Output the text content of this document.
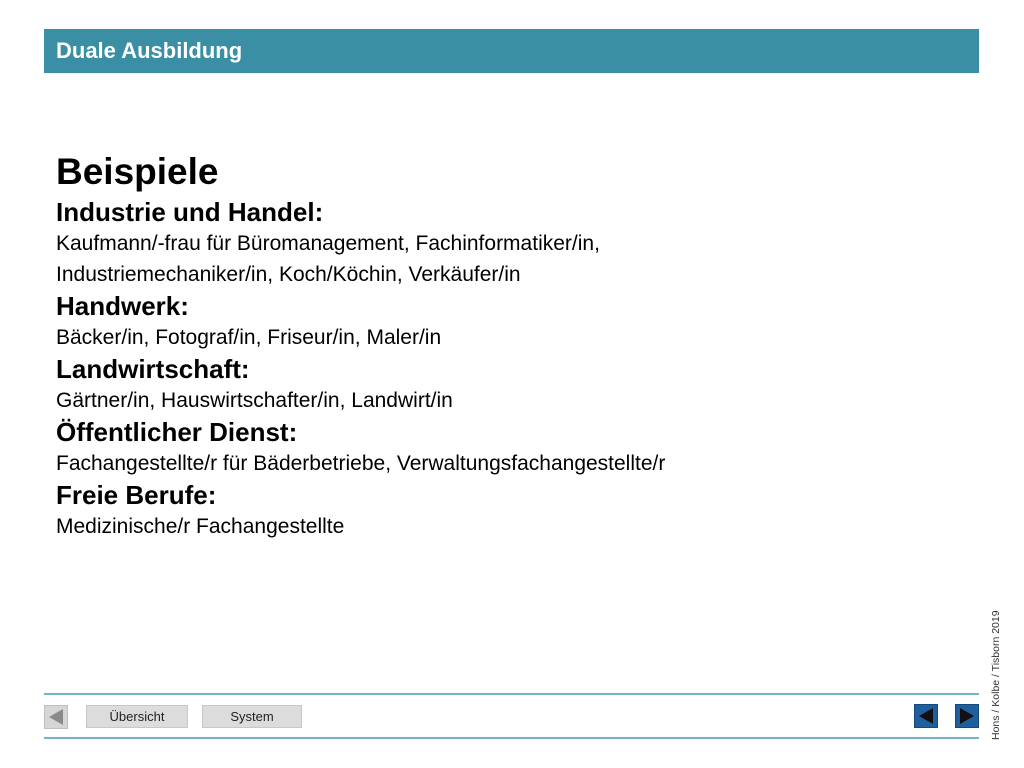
Duale Ausbildung
Beispiele
Industrie und Handel:
Kaufmann/-frau für Büromanagement, Fachinformatiker/in,
Industriemechaniker/in, Koch/Köchin, Verkäufer/in
Handwerk:
Bäcker/in, Fotograf/in, Friseur/in, Maler/in
Landwirtschaft:
Gärtner/in, Hauswirtschafter/in, Landwirt/in
Öffentlicher Dienst:
Fachangestellte/r für Bäderbetriebe, Verwaltungsfachangestellte/r
Freie Berufe:
Medizinische/r Fachangestellte
Hons / Kolbe / Tisborn 2019
Übersicht	System
